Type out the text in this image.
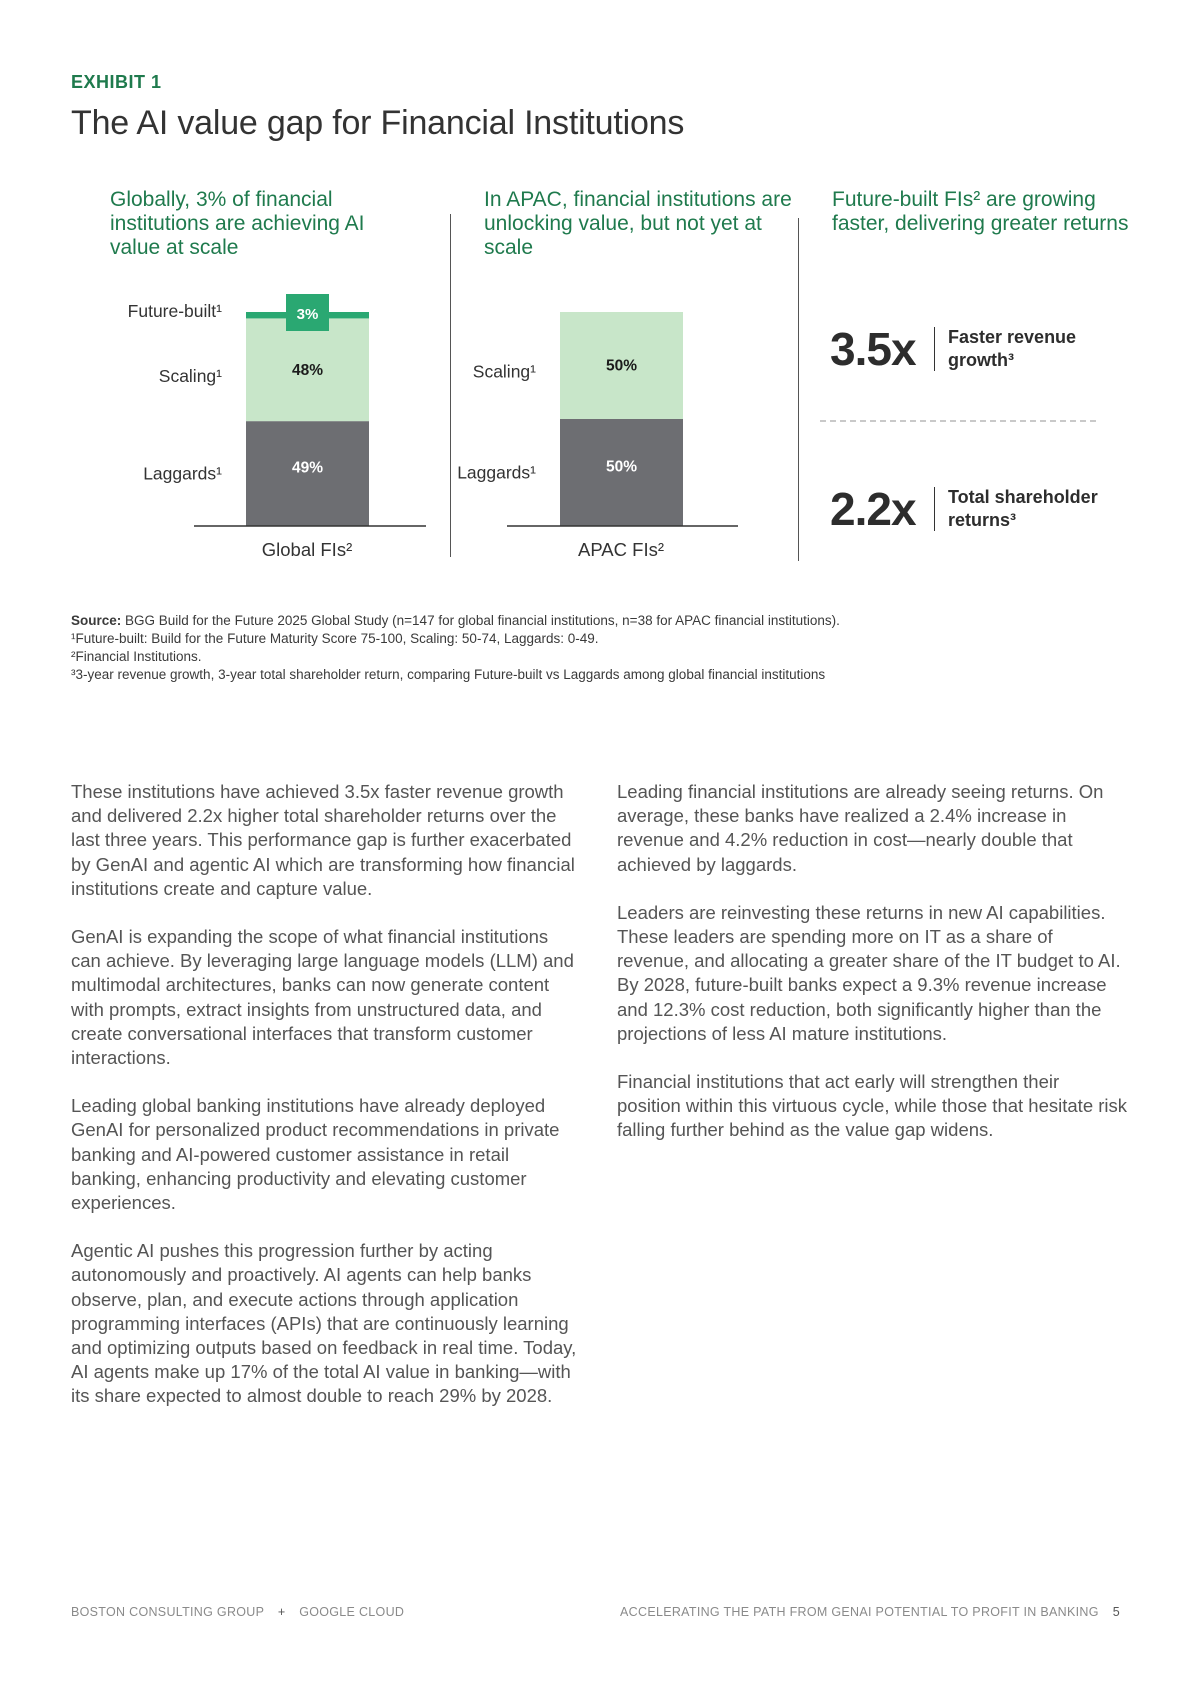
EXHIBIT 1
The AI value gap for Financial Institutions
Globally, 3% of financial institutions are achieving AI value at scale
In APAC, financial institutions are unlocking value, but not yet at scale
Future-built FIs² are growing faster, delivering greater returns
49%
Laggards¹
48%
Scaling¹
3%
Future-built¹
Global FIs²
50%
Laggards¹
50%
Scaling¹
APAC FIs²
3.5x	Faster revenue
growth³
2.2x	Total shareholder
returns³
Source: BGG Build for the Future 2025 Global Study (n=147 for global financial institutions, n=38 for APAC financial institutions).
¹Future-built: Build for the Future Maturity Score 75-100, Scaling: 50-74, Laggards: 0-49.
²Financial Institutions.
³3-year revenue growth, 3-year total shareholder return, comparing Future-built vs Laggards among global financial institutions

These institutions have achieved 3.5x faster revenue growth and delivered 2.2x higher total shareholder returns over the last three years. This performance gap is further exacerbated by GenAI and agentic AI which are transforming how financial institutions create and capture value.

GenAI is expanding the scope of what financial institutions can achieve. By leveraging large language models (LLM) and multimodal architectures, banks can now generate content with prompts, extract insights from unstructured data, and create conversational interfaces that transform customer interactions.

Leading global banking institutions have already deployed GenAI for personalized product recommendations in private banking and AI-powered customer assistance in retail banking, enhancing productivity and elevating customer experiences.

Agentic AI pushes this progression further by acting autonomously and proactively. AI agents can help banks observe, plan, and execute actions through application programming interfaces (APIs) that are continuously learning and optimizing outputs based on feedback in real time. Today, AI agents make up 17% of the total AI value in banking—with its share expected to almost double to reach 29% by 2028.

Leading financial institutions are already seeing returns. On average, these banks have realized a 2.4% increase in revenue and 4.2% reduction in cost—nearly double that achieved by laggards.

Leaders are reinvesting these returns in new AI capabilities. These leaders are spending more on IT as a share of revenue, and allocating a greater share of the IT budget to AI. By 2028, future-built banks expect a 9.3% revenue increase and 12.3% cost reduction, both significantly higher than the projections of less AI mature institutions.

Financial institutions that act early will strengthen their position within this virtuous cycle, while those that hesitate risk falling further behind as the value gap widens.

BOSTON CONSULTING GROUP + GOOGLE CLOUD	ACCELERATING THE PATH FROM GENAI POTENTIAL TO PROFIT IN BANKING 5
